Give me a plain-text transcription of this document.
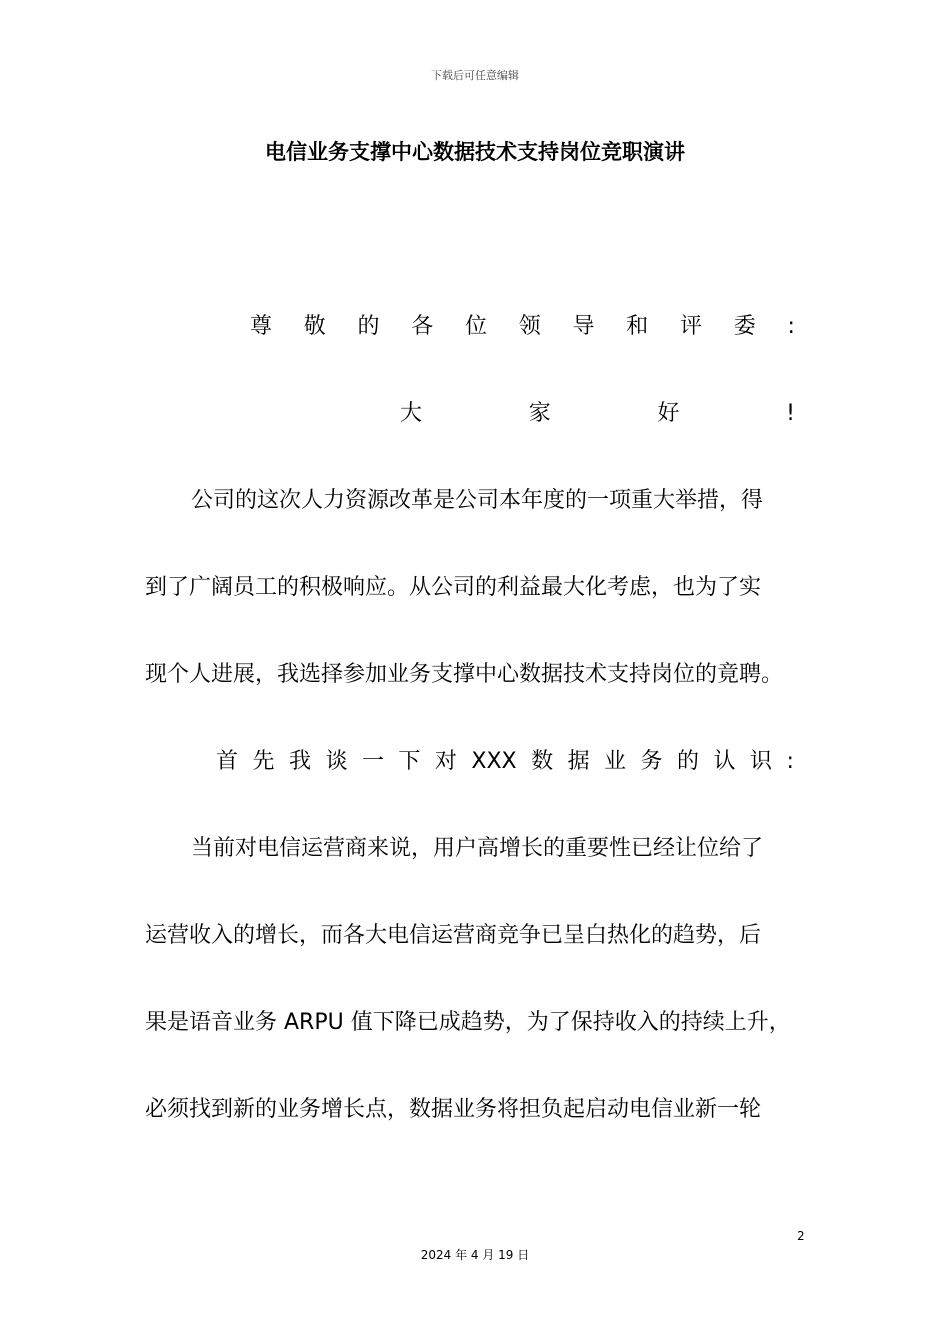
下载后可任意编辑
电信业务支撑中心数据技术支持岗位竞职演讲
尊 敬 的 各 位 领 导 和 评 委 :
大	家	好	!
公司的这次人力资源改革是公司本年度的一项重大举措，得
到了广阔员工的积极响应。从公司的利益最大化考虑，也为了实
现个人进展，我选择参加业务支撑中心数据技术支持岗位的竟聘。
首 先 我 谈 一 下 对 XXX 数 据 业 务 的 认 识 :
当前对电信运营商来说，用户高增长的重要性已经让位给了
运营收入的增长，而各大电信运营商竞争已呈白热化的趋势，后
果是语音业务 ARPU 值下降已成趋势，为了保持收入的持续上升，
必须找到新的业务增长点，数据业务将担负起启动电信业新一轮
2
2024 年 4 月 19 日
